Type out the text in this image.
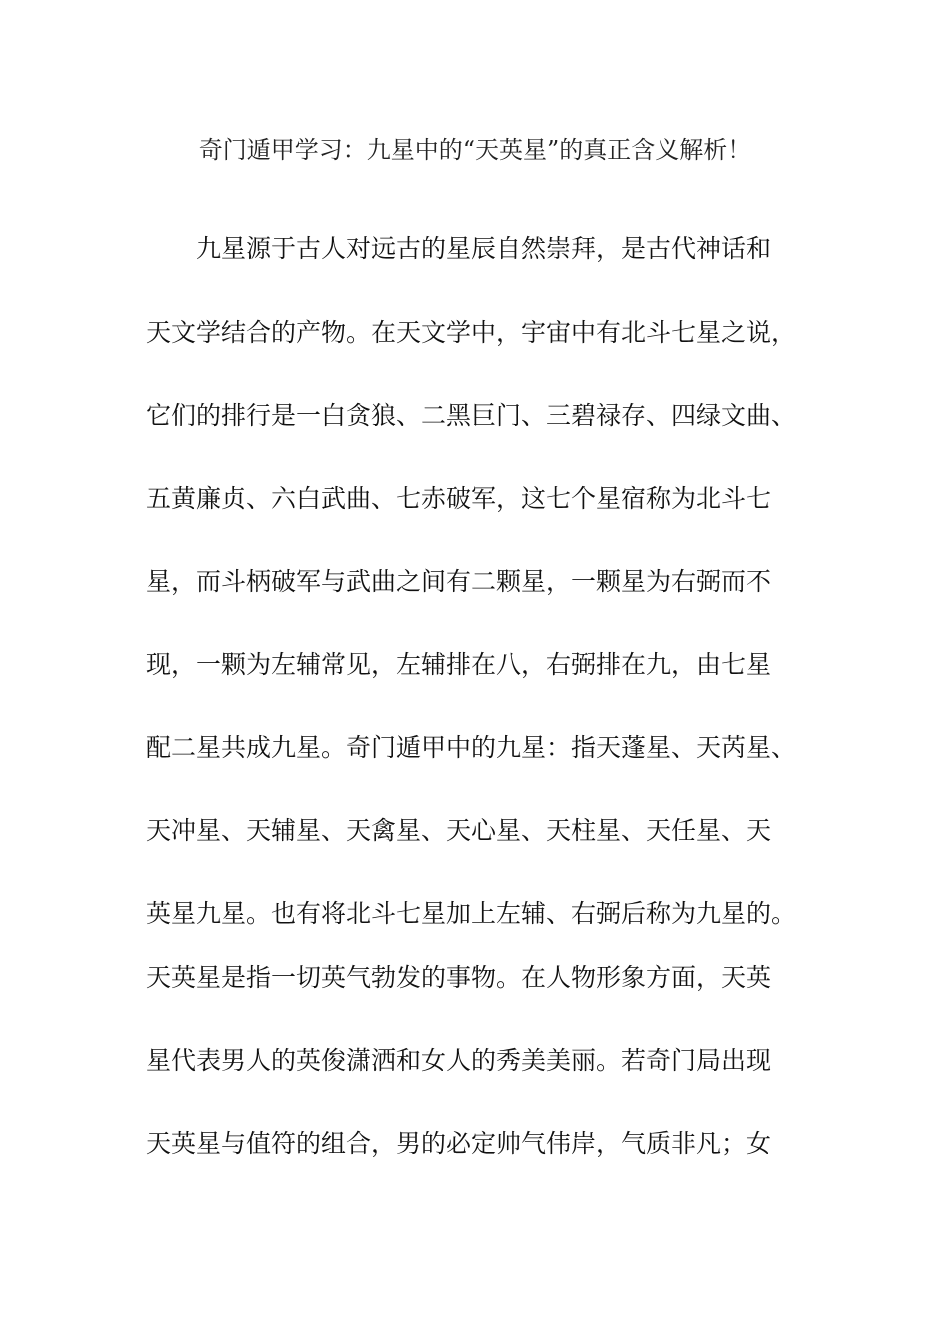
奇门遁甲学习：九星中的“天英星”的真正含义解析！

九星源于古人对远古的星辰自然崇拜，是古代神话和

天文学结合的产物。在天文学中，宇宙中有北斗七星之说，

它们的排行是一白贪狼、二黑巨门、三碧禄存、四绿文曲、

五黄廉贞、六白武曲、七赤破军，这七个星宿称为北斗七

星，而斗柄破军与武曲之间有二颗星，一颗星为右弼而不

现，一颗为左辅常见，左辅排在八，右弼排在九，由七星

配二星共成九星。奇门遁甲中的九星：指天蓬星、天芮星、

天冲星、天辅星、天禽星、天心星、天柱星、天任星、天

英星九星。也有将北斗七星加上左辅、右弼后称为九星的。

天英星是指一切英气勃发的事物。在人物形象方面，天英

星代表男人的英俊潇洒和女人的秀美美丽。若奇门局出现

天英星与值符的组合，男的必定帅气伟岸，气质非凡；女
